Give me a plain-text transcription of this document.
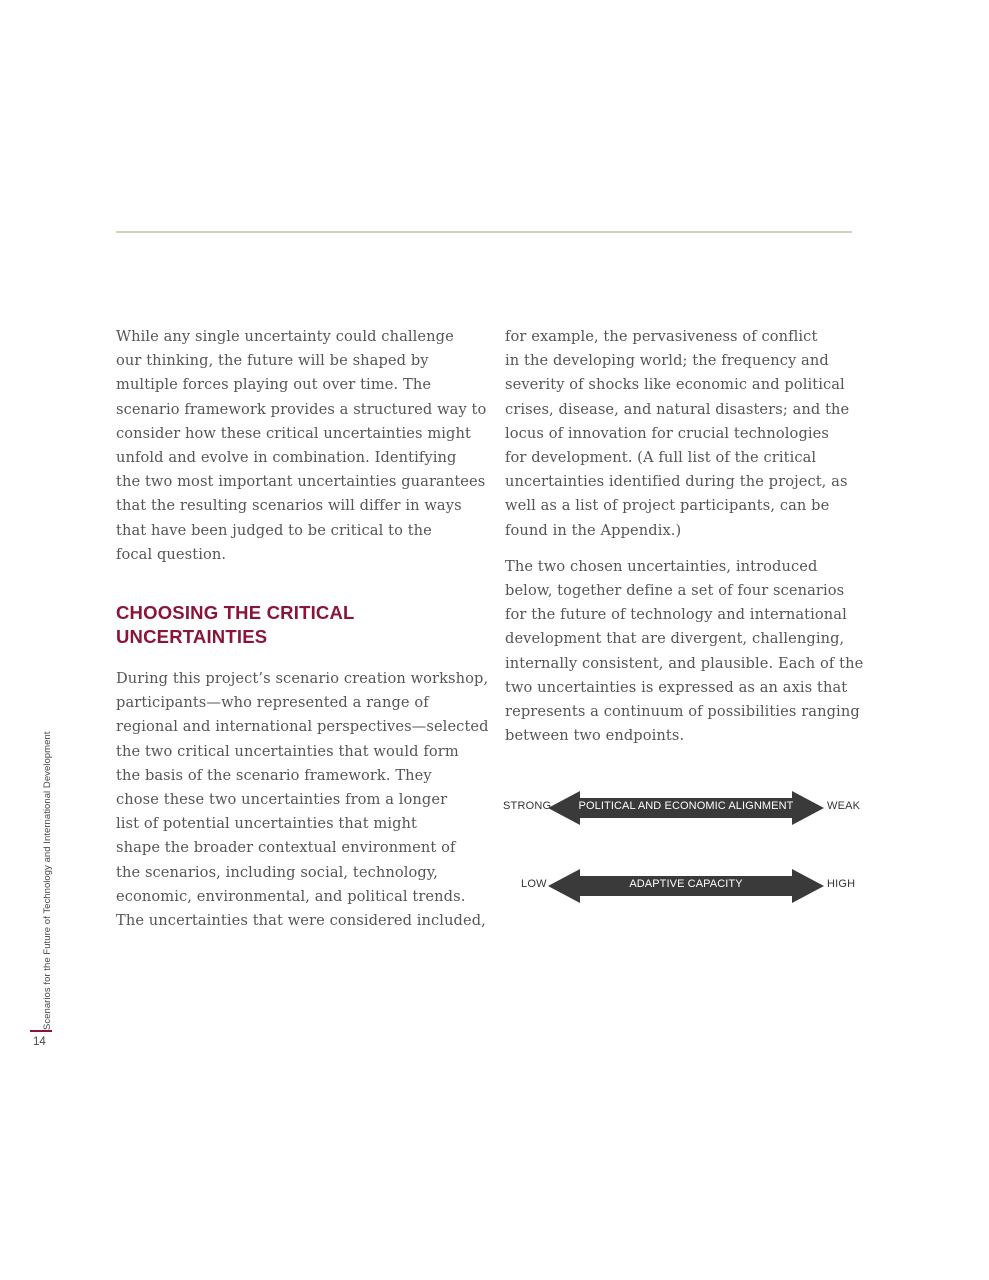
While any single uncertainty could challenge
our thinking, the future will be shaped by
multiple forces playing out over time. The
scenario framework provides a structured way to
consider how these critical uncertainties might
unfold and evolve in combination. Identifying
the two most important uncertainties guarantees
that the resulting scenarios will differ in ways
that have been judged to be critical to the
focal question.

CHOOSING THE CRITICAL
UNCERTAINTIES

During this project’s scenario creation workshop,
participants—who represented a range of
regional and international perspectives—selected
the two critical uncertainties that would form
the basis of the scenario framework. They
chose these two uncertainties from a longer
list of potential uncertainties that might
shape the broader contextual environment of
the scenarios, including social, technology,
economic, environmental, and political trends.
The uncertainties that were considered included,

for example, the pervasiveness of conflict
in the developing world; the frequency and
severity of shocks like economic and political
crises, disease, and natural disasters; and the
locus of innovation for crucial technologies
for development. (A full list of the critical
uncertainties identified during the project, as
well as a list of project participants, can be
found in the Appendix.)

The two chosen uncertainties, introduced
below, together define a set of four scenarios
for the future of technology and international
development that are divergent, challenging,
internally consistent, and plausible. Each of the
two uncertainties is expressed as an axis that
represents a continuum of possibilities ranging
between two endpoints.

STRONG	POLITICAL AND ECONOMIC ALIGNMENT	WEAK
LOW	ADAPTIVE CAPACITY	HIGH
Scenarios for the Future of Technology and International Development
14
